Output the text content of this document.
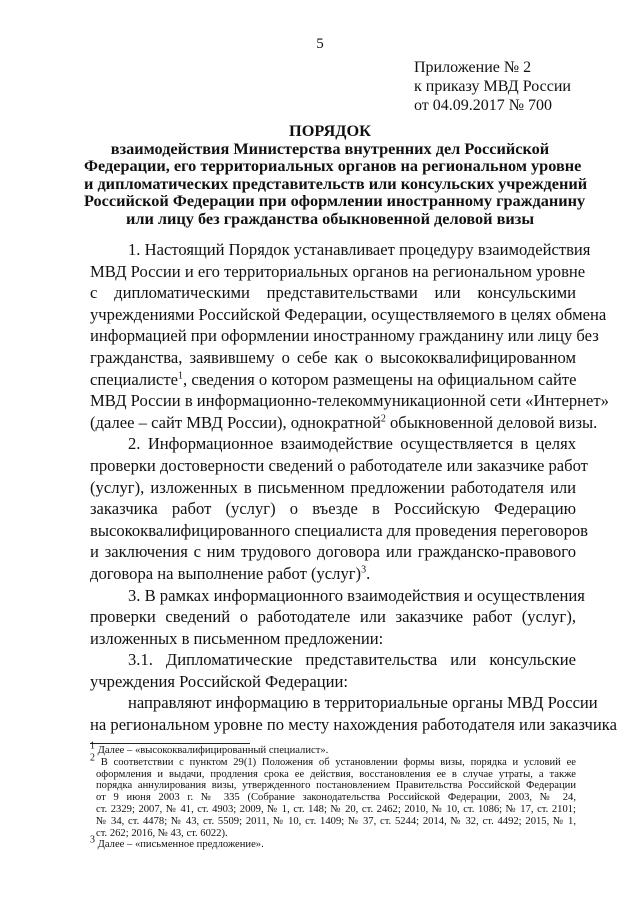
5
Приложение № 2
к приказу МВД России
от 04.09.2017 № 700
ПОРЯДОК
взаимодействия Министерства внутренних дел Российской
Федерации, его территориальных органов на региональном уровне
и дипломатических представительств или консульских учреждений
Российской Федерации при оформлении иностранному гражданину
или лицу без гражданства обыкновенной деловой визы

1. Настоящий Порядок устанавливает процедуру взаимодействия
МВД России и его территориальных органов на региональном уровне
с дипломатическими представительствами или консульскими
учреждениями Российской Федерации, осуществляемого в целях обмена
информацией при оформлении иностранному гражданину или лицу без
гражданства, заявившему о себе как о высококвалифицированном
специалисте$^1$, сведения о котором размещены на официальном сайте
МВД России в информационно-телекоммуникационной сети «Интернет»
(далее – сайт МВД России), однократной$^2$ обыкновенной деловой визы.

2. Информационное взаимодействие осуществляется в целях
проверки достоверности сведений о работодателе или заказчике работ
(услуг), изложенных в письменном предложении работодателя или
заказчика работ (услуг) о въезде в Российскую Федерацию
высококвалифицированного специалиста для проведения переговоров
и заключения с ним трудового договора или гражданско-правового
договора на выполнение работ (услуг)$^3$.

3. В рамках информационного взаимодействия и осуществления
проверки сведений о работодателе или заказчике работ (услуг),
изложенных в письменном предложении:

3.1. Дипломатические представительства или консульские
учреждения Российской Федерации:

направляют информацию в территориальные органы МВД России
на региональном уровне по месту нахождения работодателя или заказчика

$^1$ Далее – «высококвалифицированный специалист».
$^2$ В соответствии с пунктом 29(1) Положения об установлении формы визы, порядка и условий ее
оформления и выдачи, продления срока ее действия, восстановления ее в случае утраты, а также
порядка аннулирования визы, утвержденного постановлением Правительства Российской Федерации
от 9 июня 2003 г. № 335 (Собрание законодательства Российской Федерации, 2003, № 24,
ст. 2329; 2007, № 41, ст. 4903; 2009, № 1, ст. 148; № 20, ст. 2462; 2010, № 10, ст. 1086; № 17, ст. 2101;
№ 34, ст. 4478; № 43, ст. 5509; 2011, № 10, ст. 1409; № 37, ст. 5244; 2014, № 32, ст. 4492; 2015, № 1,
ст. 262; 2016, № 43, ст. 6022).
$^3$ Далее – «письменное предложение».
